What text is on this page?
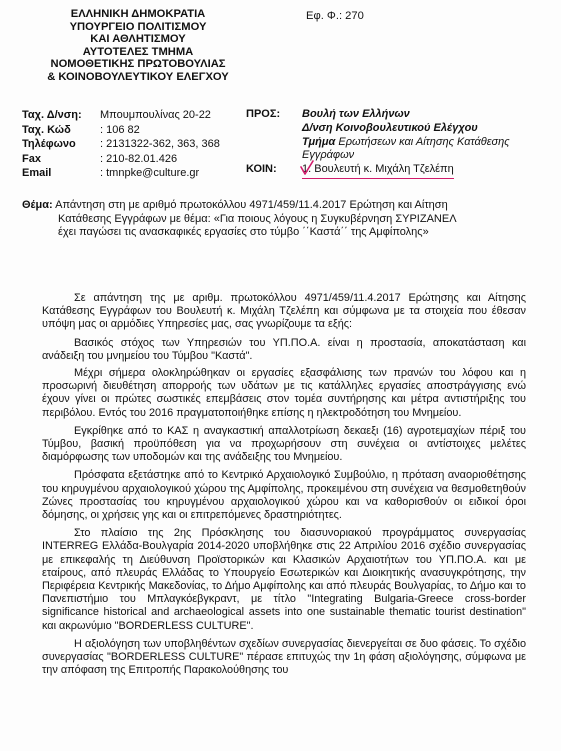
ΕΛΛΗΝΙΚΗ ΔΗΜΟΚΡΑΤΙΑ
ΥΠΟΥΡΓΕΙΟ ΠΟΛΙΤΙΣΜΟΥ
ΚΑΙ ΑΘΛΗΤΙΣΜΟΥ
ΑΥΤΟΤΕΛΕΣ ΤΜΗΜΑ
ΝΟΜΟΘΕΤΙΚΗΣ ΠΡΩΤΟΒΟΥΛΙΑΣ
& ΚΟΙΝΟΒΟΥΛΕΥΤΙΚΟΥ ΕΛΕΓΧΟΥ
Εφ. Φ.: 270
Ταχ. Δ/νση:	Μπουμπουλίνας 20-22
Ταχ. Κώδ	: 106 82
Τηλέφωνο	: 2131322-362, 363, 368
Fax	: 210-82.01.426
Email	: tmnpke@culture.gr
ΠΡΟΣ:	Βουλή των Ελλήνων
Δ/νση Κοινοβουλευτικού Ελέγχου
Τμήμα Ερωτήσεων και Αίτησης Κατάθεσης
Εγγράφων
ΚΟΙΝ:	1. Βουλευτή κ. Μιχάλη Τζελέπη
Θέμα: Απάντηση στη με αριθμό πρωτοκόλλου 4971/459/11.4.2017 Ερώτηση και Αίτηση
Κατάθεσης Εγγράφων με θέμα: «Για ποιους λόγους η Συγκυβέρνηση ΣΥΡΙΖΑΝΕΛ
έχει παγώσει τις ανασκαφικές εργασίες στο τύμβο ΄΄Καστά΄΄ της Αμφίπολης»

Σε απάντηση της με αριθμ. πρωτοκόλλου 4971/459/11.4.2017 Ερώτησης και Αίτησης Κατάθεσης Εγγράφων του Βουλευτή κ. Μιχάλη Τζελέπη και σύμφωνα με τα στοιχεία που έθεσαν υπόψη μας οι αρμόδιες Υπηρεσίες μας, σας γνωρίζουμε τα εξής:

Βασικός στόχος των Υπηρεσιών του ΥΠ.ΠΟ.Α. είναι η προστασία, αποκατάσταση και ανάδειξη του μνημείου του Τύμβου "Καστά".

Μέχρι σήμερα ολοκληρώθηκαν οι εργασίες εξασφάλισης των πρανών του λόφου και η προσωρινή διευθέτηση απορροής των υδάτων με τις κατάλληλες εργασίες αποστράγγισης ενώ έχουν γίνει οι πρώτες σωστικές επεμβάσεις στον τομέα συντήρησης και μέτρα αντιστήριξης του περιβόλου. Εντός του 2016 πραγματοποιήθηκε επίσης η ηλεκτροδότηση του Μνημείου.

Εγκρίθηκε από το ΚΑΣ η αναγκαστική απαλλοτρίωση δεκαεξι (16) αγροτεμαχίων πέριξ του Τύμβου, βασική προϋπόθεση για να προχωρήσουν στη συνέχεια οι αντίστοιχες μελέτες διαμόρφωσης των υποδομών και της ανάδειξης του Μνημείου.

Πρόσφατα εξετάστηκε από το Κεντρικό Αρχαιολογικό Συμβούλιο, η πρόταση αναοριοθέτησης του κηρυγμένου αρχαιολογικού χώρου της Αμφίπολης, προκειμένου στη συνέχεια να θεσμοθετηθούν Ζώνες προστασίας του κηρυγμένου αρχαιολογικού χώρου και να καθορισθούν οι ειδικοί όροι δόμησης, οι χρήσεις γης και οι επιτρεπόμενες δραστηριότητες.

Στο πλαίσιο της 2ης Πρόσκλησης του διασυνοριακού προγράμματος συνεργασίας INTERREG Ελλάδα-Βουλγαρία 2014-2020 υποβλήθηκε στις 22 Απριλίου 2016 σχέδιο συνεργασίας με επικεφαλής τη Διεύθυνση Προϊστορικών και Κλασικών Αρχαιοτήτων του ΥΠ.ΠΟ.Α. και με εταίρους, από πλευράς Ελλάδας το Υπουργείο Εσωτερικών και Διοικητικής ανασυγκρότησης, την Περιφέρεια Κεντρικής Μακεδονίας, το Δήμο Αμφίπολης και από πλευράς Βουλγαρίας, το Δήμο και το Πανεπιστήμιο του Μπλαγκόεβγκραντ, με τίτλο "Integrating Bulgaria-Greece cross-border significance historical and archaeological assets into one sustainable thematic tourist destination" και ακρωνύμιο "BORDERLESS CULTURE".

Η αξιολόγηση των υποβληθέντων σχεδίων συνεργασίας διενεργείται σε δυο φάσεις. Το σχέδιο συνεργασίας "BORDERLESS CULTURE" πέρασε επιτυχώς την 1η φάση αξιολόγησης, σύμφωνα με την απόφαση της Επιτροπής Παρακολούθησης του
